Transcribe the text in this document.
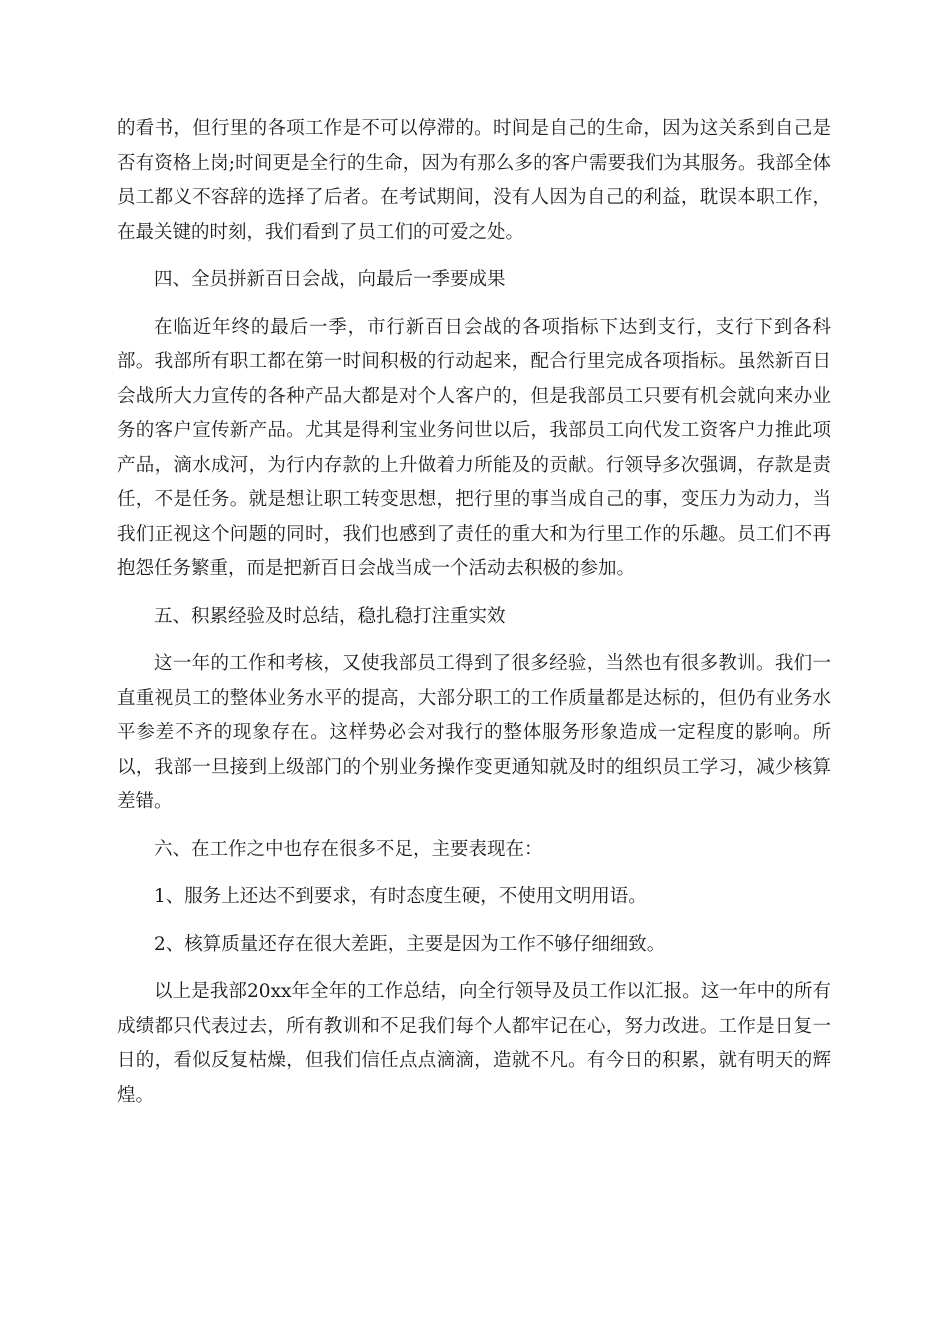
的看书，但行里的各项工作是不可以停滞的。时间是自己的生命，因为这关系到自己是否有资格上岗;时间更是全行的生命，因为有那么多的客户需要我们为其服务。我部全体员工都义不容辞的选择了后者。在考试期间，没有人因为自己的利益，耽误本职工作，在最关键的时刻，我们看到了员工们的可爱之处。

四、全员拼新百日会战，向最后一季要成果

在临近年终的最后一季，市行新百日会战的各项指标下达到支行，支行下到各科部。我部所有职工都在第一时间积极的行动起来，配合行里完成各项指标。虽然新百日会战所大力宣传的各种产品大都是对个人客户的，但是我部员工只要有机会就向来办业务的客户宣传新产品。尤其是得利宝业务问世以后，我部员工向代发工资客户力推此项产品，滴水成河，为行内存款的上升做着力所能及的贡献。行领导多次强调，存款是责任，不是任务。就是想让职工转变思想，把行里的事当成自己的事，变压力为动力，当我们正视这个问题的同时，我们也感到了责任的重大和为行里工作的乐趣。员工们不再抱怨任务繁重，而是把新百日会战当成一个活动去积极的参加。

五、积累经验及时总结，稳扎稳打注重实效

这一年的工作和考核，又使我部员工得到了很多经验，当然也有很多教训。我们一直重视员工的整体业务水平的提高，大部分职工的工作质量都是达标的，但仍有业务水平参差不齐的现象存在。这样势必会对我行的整体服务形象造成一定程度的影响。所以，我部一旦接到上级部门的个别业务操作变更通知就及时的组织员工学习，减少核算差错。

六、在工作之中也存在很多不足，主要表现在：

1、服务上还达不到要求，有时态度生硬，不使用文明用语。

2、核算质量还存在很大差距，主要是因为工作不够仔细细致。

以上是我部20xx年全年的工作总结，向全行领导及员工作以汇报。这一年中的所有成绩都只代表过去，所有教训和不足我们每个人都牢记在心，努力改进。工作是日复一日的，看似反复枯燥，但我们信任点点滴滴，造就不凡。有今日的积累，就有明天的辉煌。
